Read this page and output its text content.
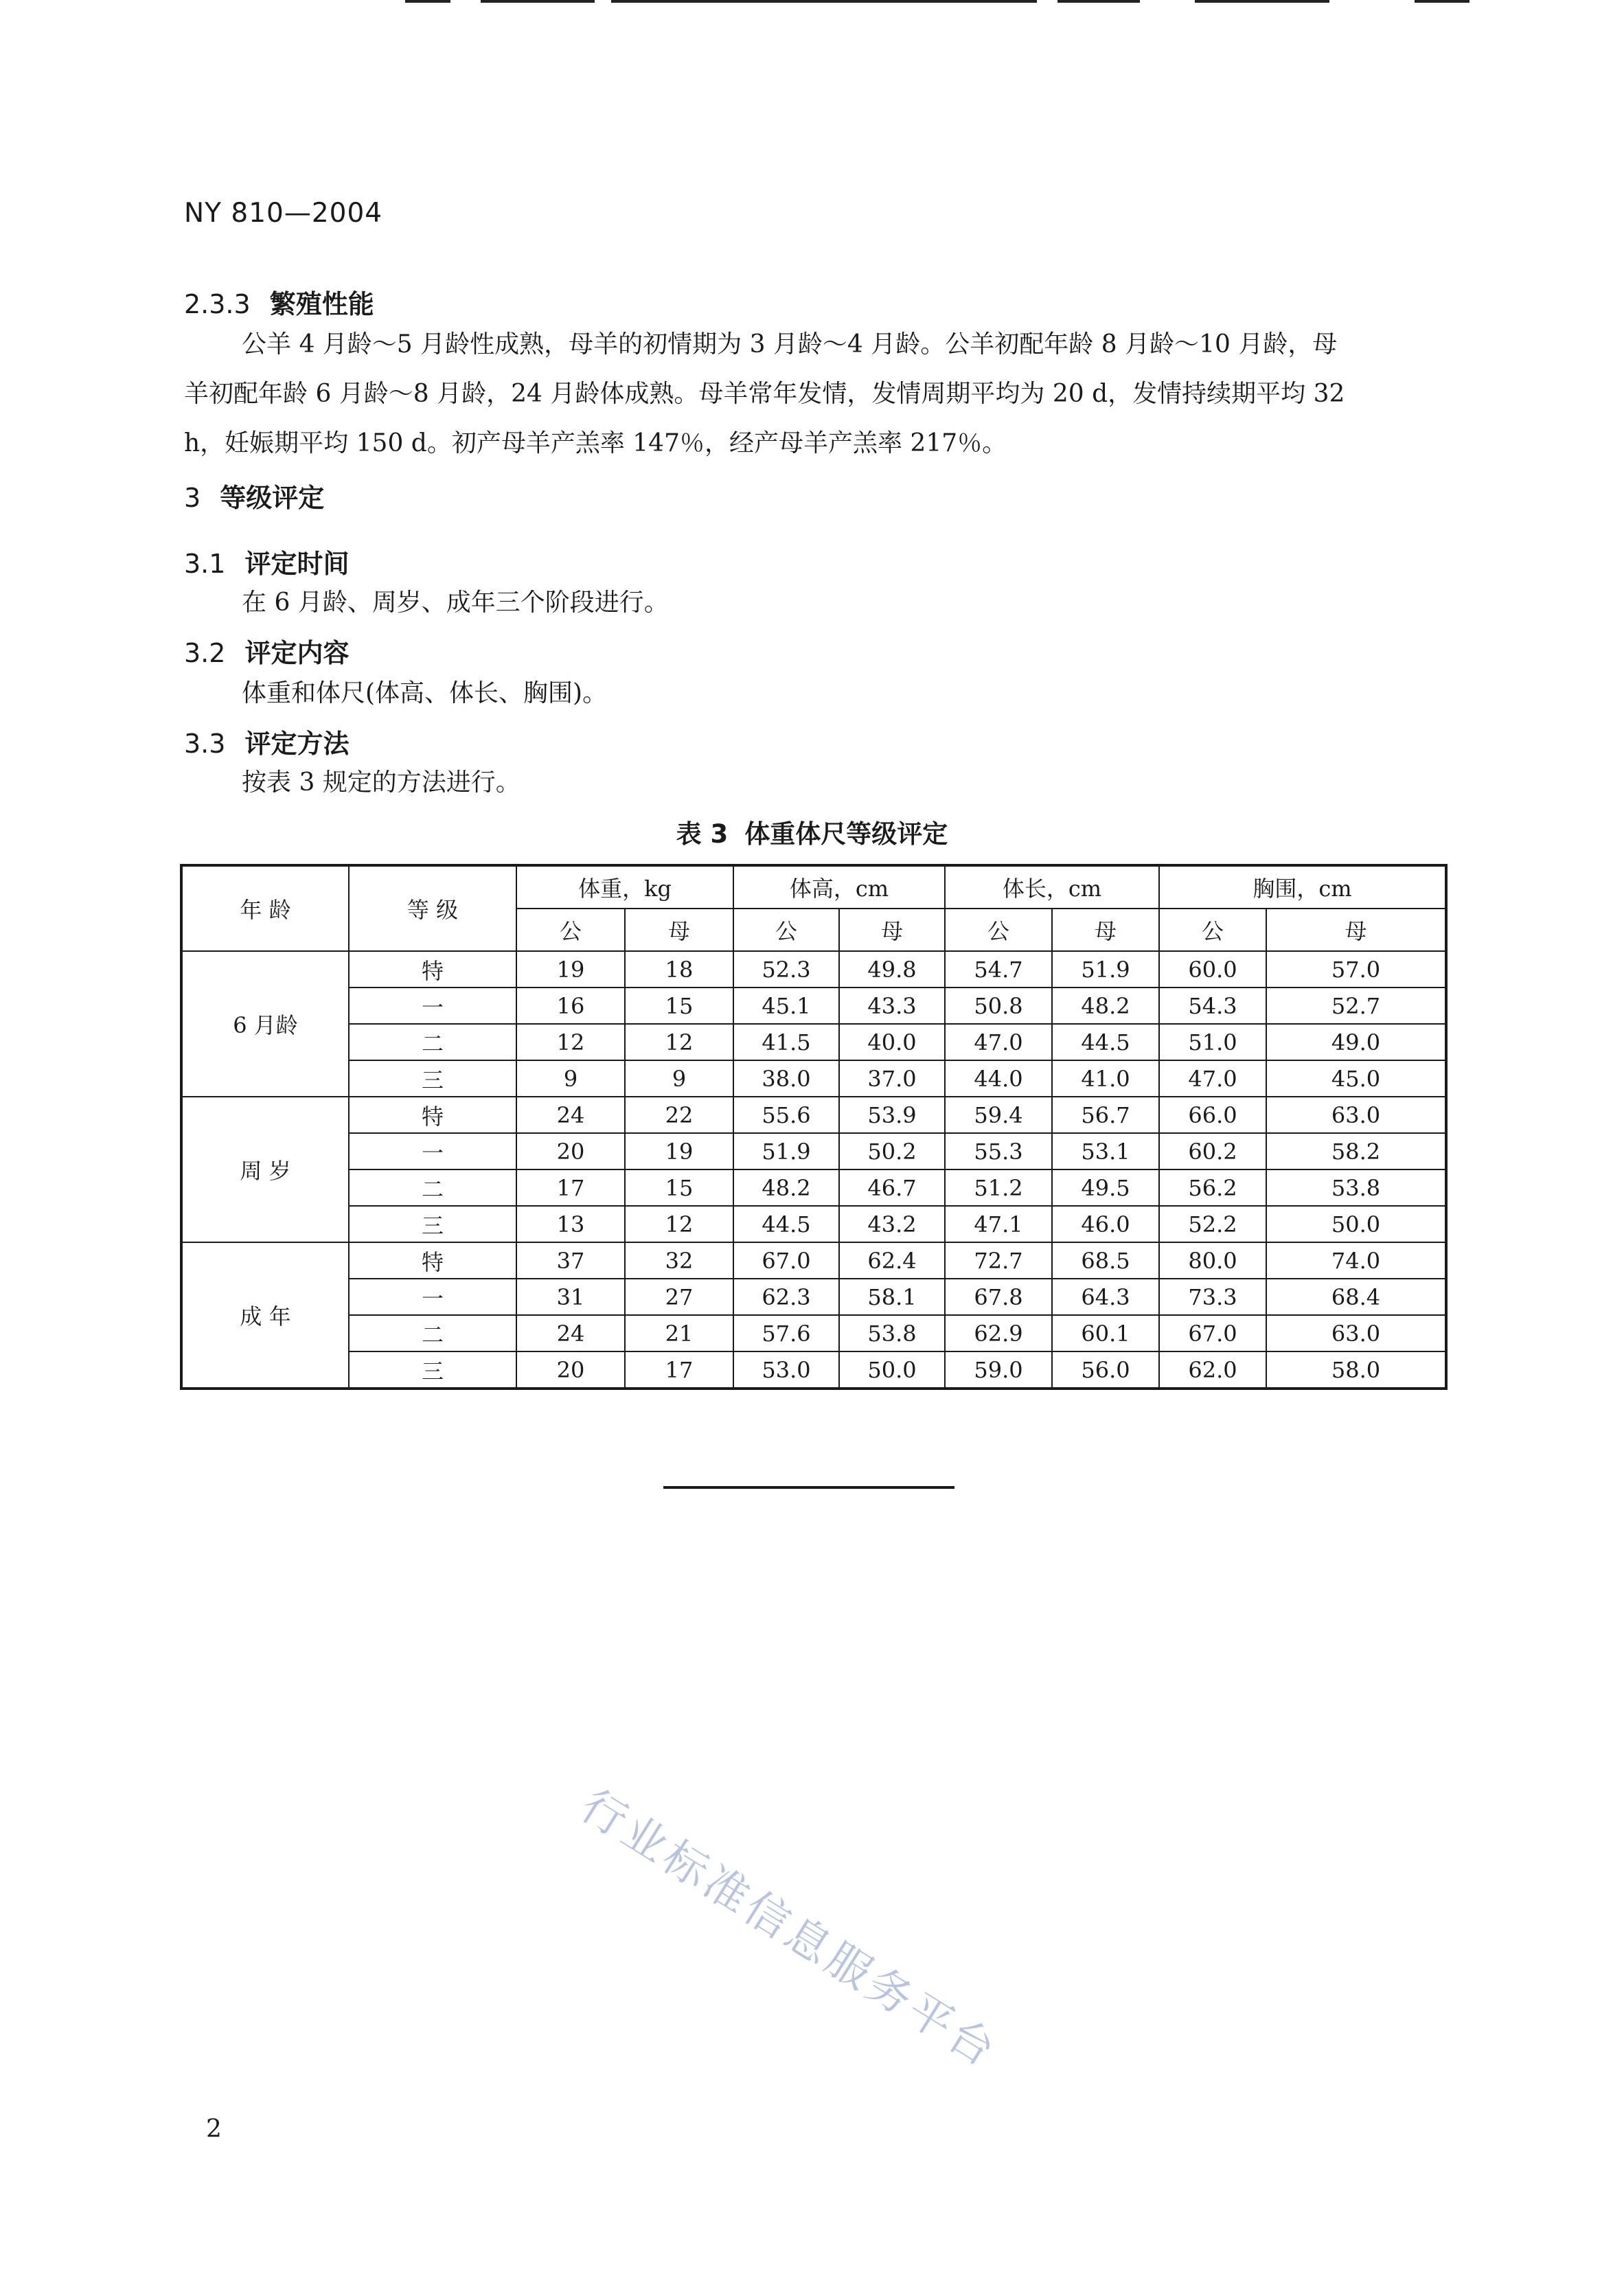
NY 810—2004
2.3.3 繁殖性能
公羊 4 月龄～5 月龄性成熟，母羊的初情期为 3 月龄～4 月龄。公羊初配年龄 8 月龄～10 月龄，母
羊初配年龄 6 月龄～8 月龄，24 月龄体成熟。母羊常年发情，发情周期平均为 20 d，发情持续期平均 32
h，妊娠期平均 150 d。初产母羊产羔率 147％，经产母羊产羔率 217％。
3 等级评定
3.1 评定时间
在 6 月龄、周岁、成年三个阶段进行。
3.2 评定内容
体重和体尺(体高、体长、胸围)。
3.3 评定方法
按表 3 规定的方法进行。
表 3 体重体尺等级评定
年 龄	等 级	体重，kg		体高，cm		体长，cm		胸围，cm	
		公	母	公	母	公	母	公	母
6 月龄	特	19	18	52.3	49.8	54.7	51.9	60.0	57.0
	一	16	15	45.1	43.3	50.8	48.2	54.3	52.7
	二	12	12	41.5	40.0	47.0	44.5	51.0	49.0
	三	9	9	38.0	37.0	44.0	41.0	47.0	45.0
周 岁	特	24	22	55.6	53.9	59.4	56.7	66.0	63.0
	一	20	19	51.9	50.2	55.3	53.1	60.2	58.2
	二	17	15	48.2	46.7	51.2	49.5	56.2	53.8
	三	13	12	44.5	43.2	47.1	46.0	52.2	50.0
成 年	特	37	32	67.0	62.4	72.7	68.5	80.0	74.0
	一	31	27	62.3	58.1	67.8	64.3	73.3	68.4
	二	24	21	57.6	53.8	62.9	60.1	67.0	63.0
	三	20	17	53.0	50.0	59.0	56.0	62.0	58.0
行业标准信息服务平台
2
